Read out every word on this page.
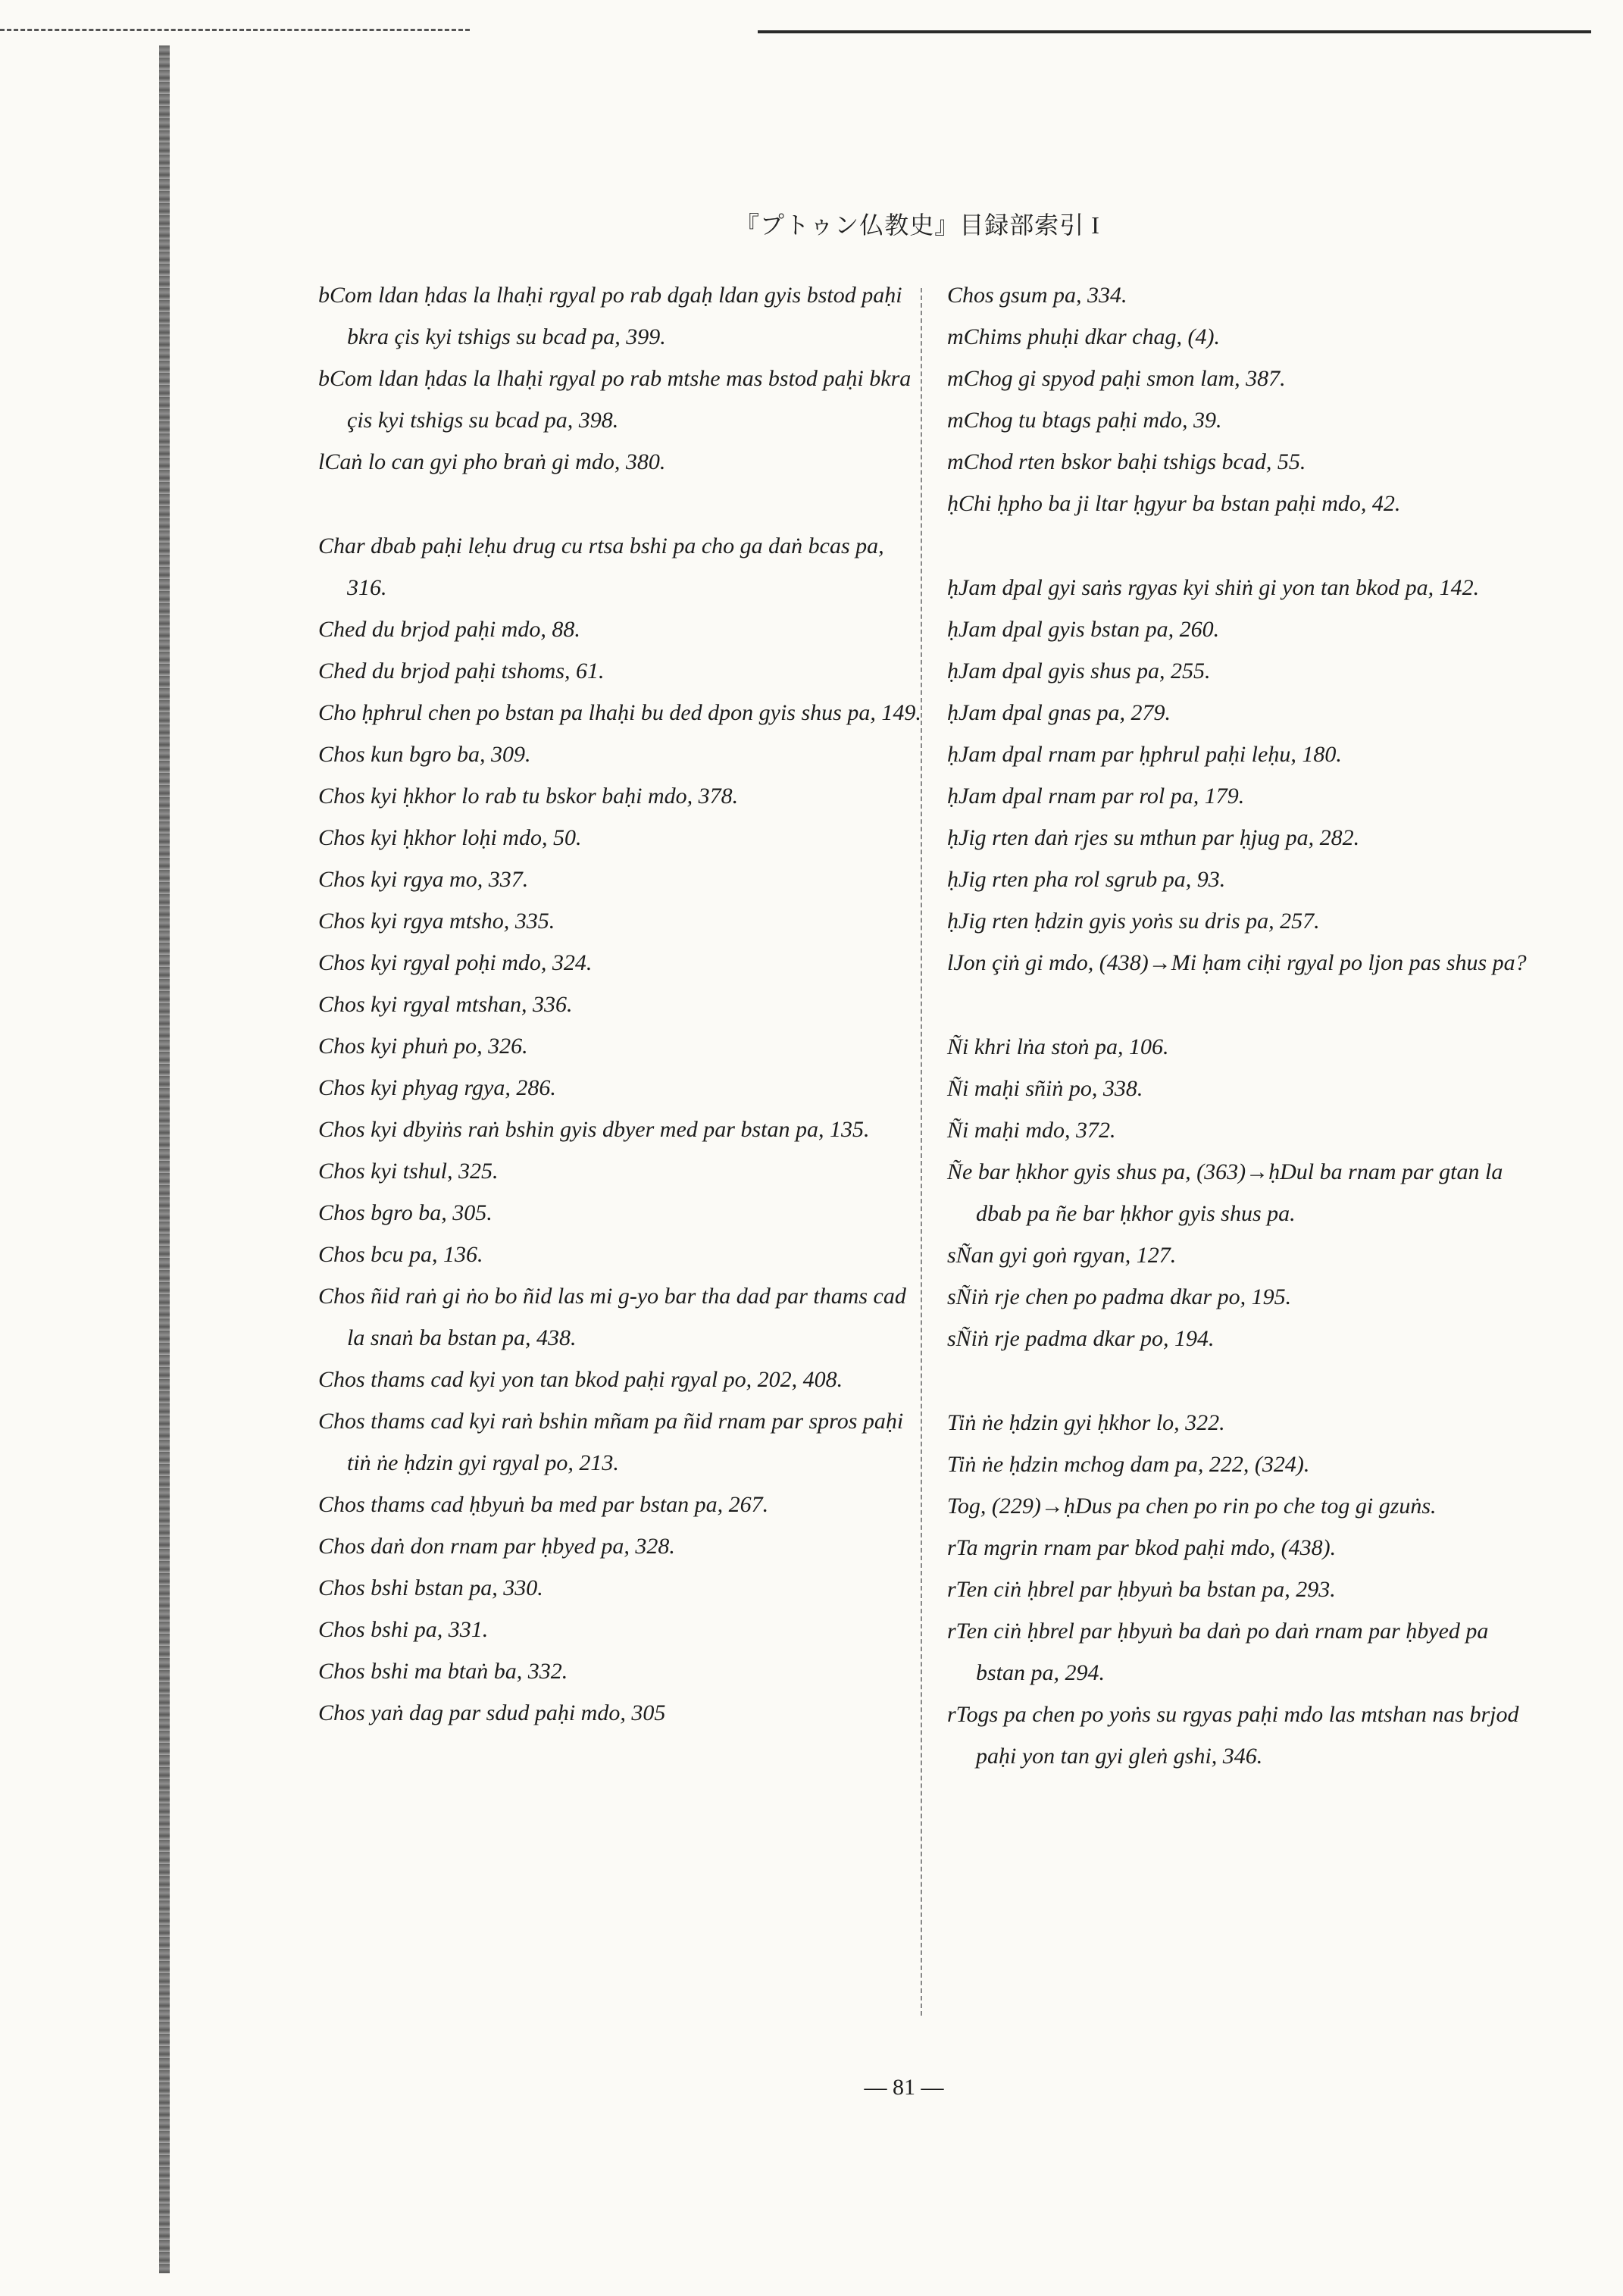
『プトゥン仏教史』目録部索引 I
bCom ldan ḥdas la lhaḥi rgyal po rab dgaḥ ldan gyis bstod paḥi bkra çis kyi tshigs su bcad pa, 399.
bCom ldan ḥdas la lhaḥi rgyal po rab mtshe mas bstod paḥi bkra çis kyi tshigs su bcad pa, 398.
lCaṅ lo can gyi pho braṅ gi mdo, 380.
Char dbab paḥi leḥu drug cu rtsa bshi pa cho ga daṅ bcas pa, 316.
Ched du brjod paḥi mdo, 88.
Ched du brjod paḥi tshoms, 61.
Cho ḥphrul chen po bstan pa lhaḥi bu ded dpon gyis shus pa, 149.
Chos kun bgro ba, 309.
Chos kyi ḥkhor lo rab tu bskor baḥi mdo, 378.
Chos kyi ḥkhor loḥi mdo, 50.
Chos kyi rgya mo, 337.
Chos kyi rgya mtsho, 335.
Chos kyi rgyal poḥi mdo, 324.
Chos kyi rgyal mtshan, 336.
Chos kyi phuṅ po, 326.
Chos kyi phyag rgya, 286.
Chos kyi dbyiṅs raṅ bshin gyis dbyer med par bstan pa, 135.
Chos kyi tshul, 325.
Chos bgro ba, 305.
Chos bcu pa, 136.
Chos ñid raṅ gi ṅo bo ñid las mi g-yo bar tha dad par thams cad la snaṅ ba bstan pa, 438.
Chos thams cad kyi yon tan bkod paḥi rgyal po, 202, 408.
Chos thams cad kyi raṅ bshin mñam pa ñid rnam par spros paḥi tiṅ ṅe ḥdzin gyi rgyal po, 213.
Chos thams cad ḥbyuṅ ba med par bstan pa, 267.
Chos daṅ don rnam par ḥbyed pa, 328.
Chos bshi bstan pa, 330.
Chos bshi pa, 331.
Chos bshi ma btaṅ ba, 332.
Chos yaṅ dag par sdud paḥi mdo, 305
Chos gsum pa, 334.
mChims phuḥi dkar chag, (4).
mChog gi spyod paḥi smon lam, 387.
mChog tu btags paḥi mdo, 39.
mChod rten bskor baḥi tshigs bcad, 55.
ḥChi ḥpho ba ji ltar ḥgyur ba bstan paḥi mdo, 42.
ḥJam dpal gyi saṅs rgyas kyi shiṅ gi yon tan bkod pa, 142.
ḥJam dpal gyis bstan pa, 260.
ḥJam dpal gyis shus pa, 255.
ḥJam dpal gnas pa, 279.
ḥJam dpal rnam par ḥphrul paḥi leḥu, 180.
ḥJam dpal rnam par rol pa, 179.
ḥJig rten daṅ rjes su mthun par ḥjug pa, 282.
ḥJig rten pha rol sgrub pa, 93.
ḥJig rten ḥdzin gyis yoṅs su dris pa, 257.
lJon çiṅ gi mdo, (438)→Mi ḥam ciḥi rgyal po ljon pas shus pa?
Ñi khri lṅa stoṅ pa, 106.
Ñi maḥi sñiṅ po, 338.
Ñi maḥi mdo, 372.
Ñe bar ḥkhor gyis shus pa, (363)→ḥDul ba rnam par gtan la dbab pa ñe bar ḥkhor gyis shus pa.
sÑan gyi goṅ rgyan, 127.
sÑiṅ rje chen po padma dkar po, 195.
sÑiṅ rje padma dkar po, 194.
Tiṅ ṅe ḥdzin gyi ḥkhor lo, 322.
Tiṅ ṅe ḥdzin mchog dam pa, 222, (324).
Tog, (229)→ḥDus pa chen po rin po che tog gi gzuṅs.
rTa mgrin rnam par bkod paḥi mdo, (438).
rTen ciṅ ḥbrel par ḥbyuṅ ba bstan pa, 293.
rTen ciṅ ḥbrel par ḥbyuṅ ba daṅ po daṅ rnam par ḥbyed pa bstan pa, 294.
rTogs pa chen po yoṅs su rgyas paḥi mdo las mtshan nas brjod paḥi yon tan gyi gleṅ gshi, 346.
— 81 —
